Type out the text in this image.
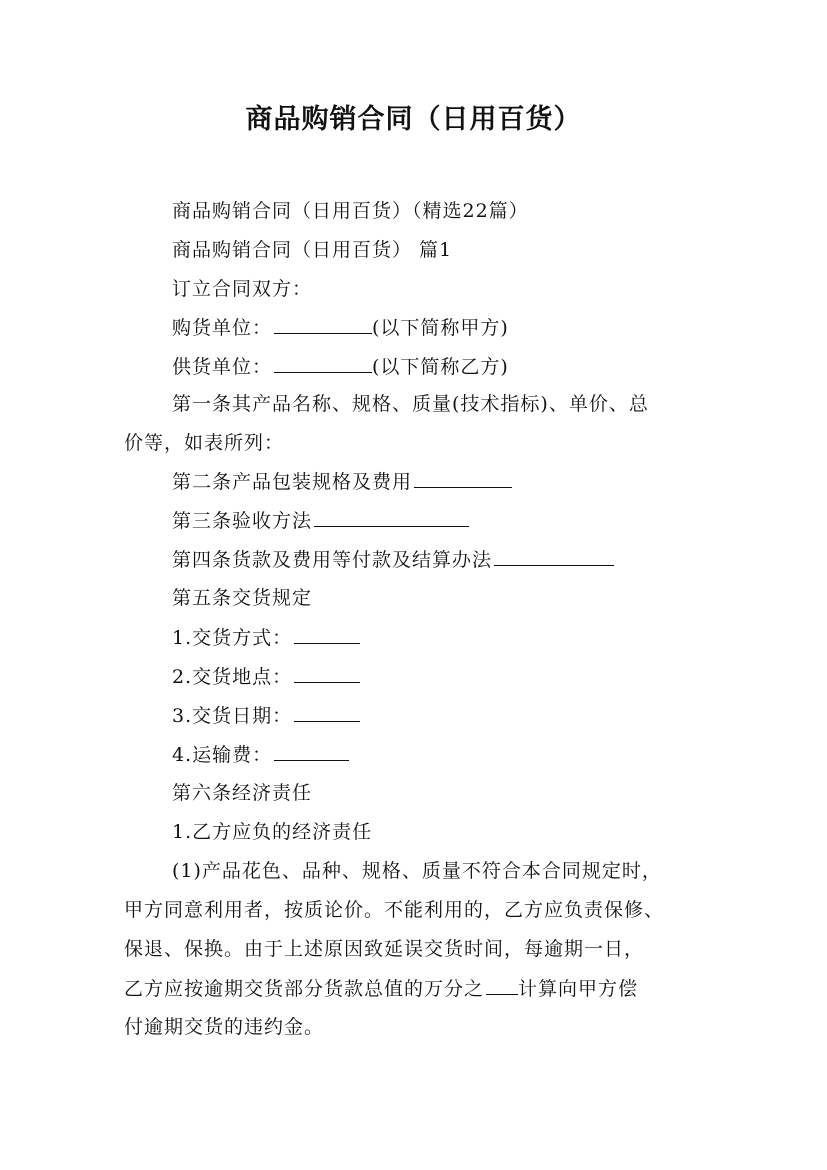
商品购销合同（日用百货）
商品购销合同（日用百货）（精选22篇）
商品购销合同（日用百货） 篇1
订立合同双方：
购货单位：	(以下简称甲方)
供货单位：	(以下简称乙方)
第一条其产品名称、规格、质量(技术指标)、单价、总
价等，如表所列：
第二条产品包装规格及费用
第三条验收方法
第四条货款及费用等付款及结算办法
第五条交货规定
1.交货方式：
2.交货地点：
3.交货日期：
4.运输费：
第六条经济责任
1.乙方应负的经济责任
(1)产品花色、品种、规格、质量不符合本合同规定时，
甲方同意利用者，按质论价。不能利用的，乙方应负责保修、
保退、保换。由于上述原因致延误交货时间，每逾期一日，
乙方应按逾期交货部分货款总值的万分之 计算向甲方偿
付逾期交货的违约金。
